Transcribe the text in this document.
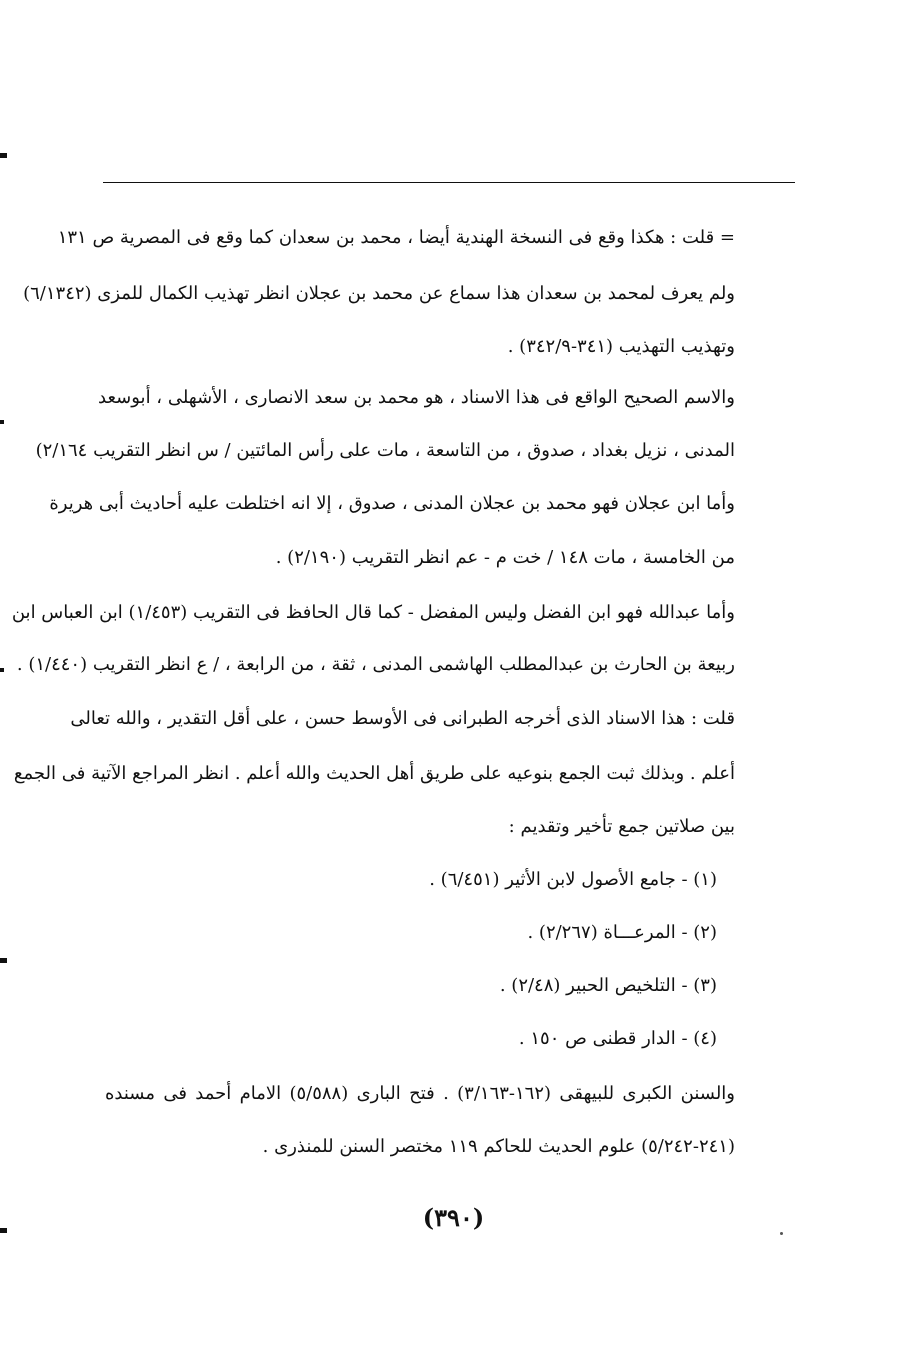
= قلت : هكذا وقع فى النسخة الهندية أيضا ، محمد بن سعدان كما وقع فى المصرية ص ١٣١
ولم يعرف لمحمد بن سعدان هذا سماع عن محمد بن عجلان انظر تهذيب الكمال للمزى (٦/١٣٤٢)
وتهذيب التهذيب (٣٤١-٣٤٢/٩) .
والاسم الصحيح الواقع فى هذا الاسناد ، هو محمد بن سعد الانصارى ، الأشهلى ، أبوسعد
المدنى ، نزيل بغداد ، صدوق ، من التاسعة ، مات على رأس المائتين / س انظر التقريب ٢/١٦٤)
وأما ابن عجلان فهو محمد بن عجلان المدنى ، صدوق ، إلا انه اختلطت عليه أحاديث أبى هريرة
من الخامسة ، مات ١٤٨ / خت م - عم انظر التقريب (٢/١٩٠) .
وأما عبدالله فهو ابن الفضل وليس المفضل - كما قال الحافظ فى التقريب (١/٤٥٣) ابن العباس ابن
ربيعة بن الحارث بن عبدالمطلب الهاشمى المدنى ، ثقة ، من الرابعة ، / ع انظر التقريب (١/٤٤٠) .
قلت : هذا الاسناد الذى أخرجه الطبرانى فى الأوسط حسن ، على أقل التقدير ، والله تعالى
أعلم . وبذلك ثبت الجمع بنوعيه على طريق أهل الحديث والله أعلم . انظر المراجع الآتية فى الجمع
بين صلاتين جمع تأخير وتقديم :
(١) - جامع الأصول لابن الأثير (٦/٤٥١) .
(٢) - المرعـــاة (٢/٢٦٧) .
(٣) - التلخيص الحبير (٢/٤٨) .
(٤) - الدار قطنى ص ١٥٠ .
والسنن الكبرى للبيهقى (١٦٢-٣/١٦٣) . فتح البارى (٥/٥٨٨) الامام أحمد فى مسنده
(٢٤١-٥/٢٤٢) علوم الحديث للحاكم ١١٩ مختصر السنن للمنذرى .
(٣٩٠)
